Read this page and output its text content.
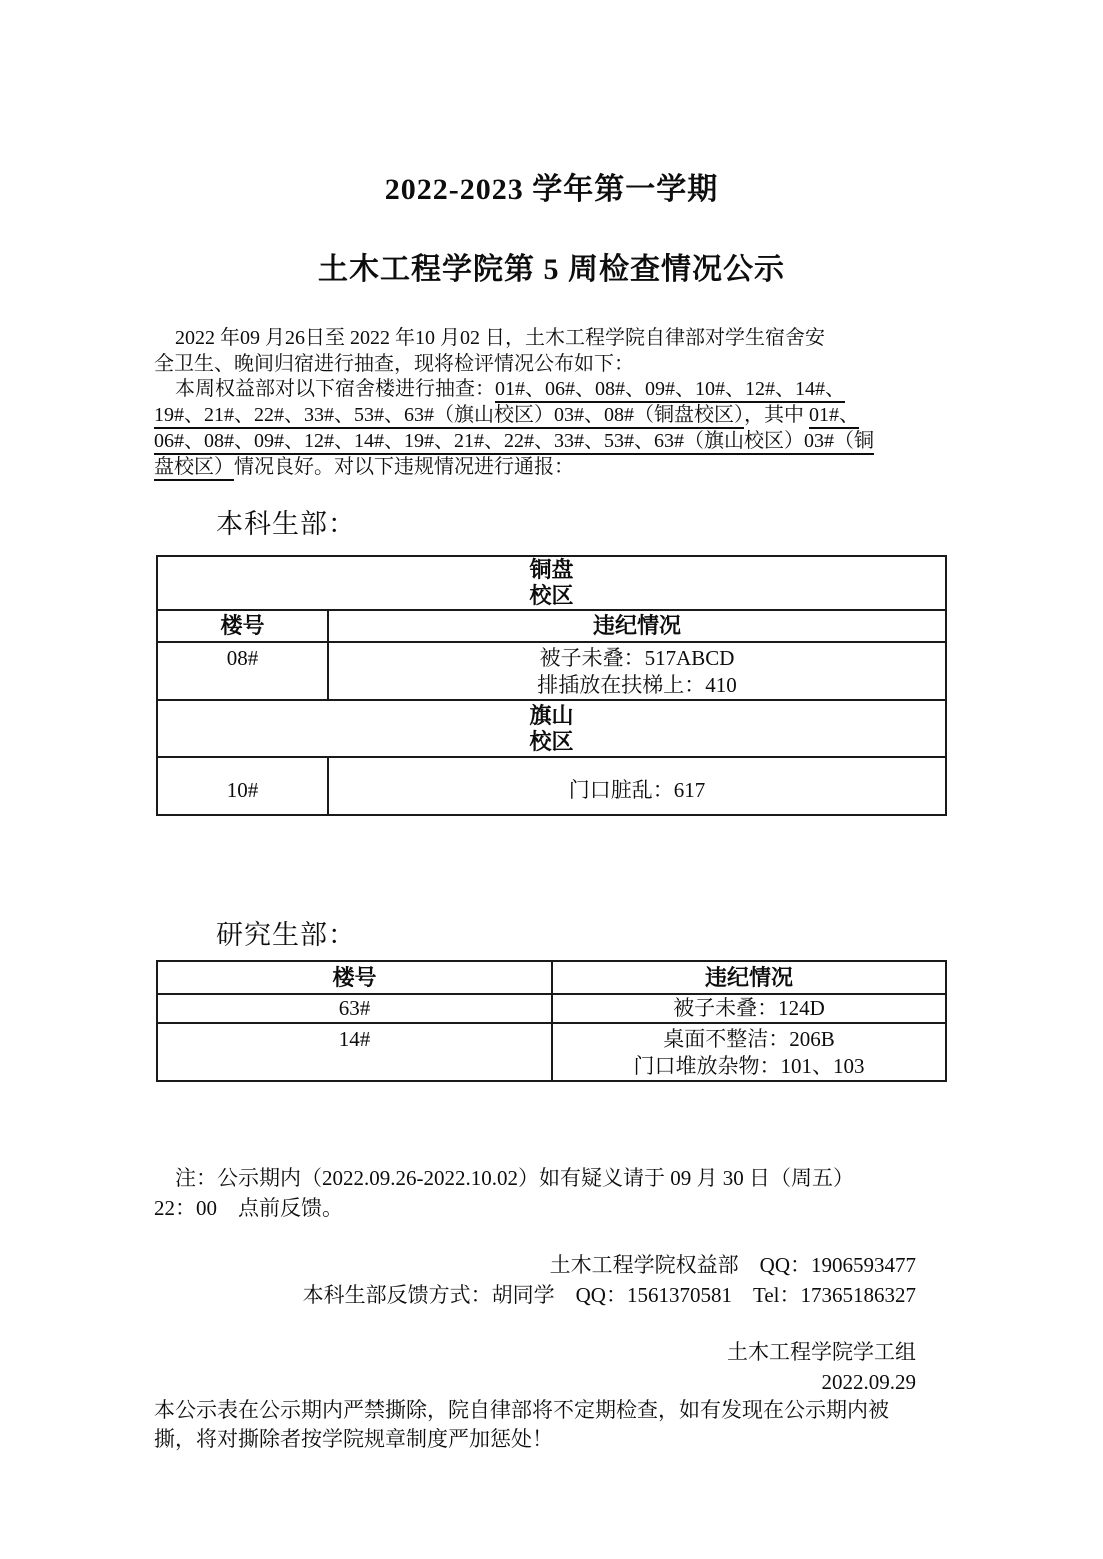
2022-2023 学年第一学期
土木工程学院第 5 周检查情况公示
2022 年09 月26日至 2022 年10 月02 日，土木工程学院自律部对学生宿舍安
全卫生、晚间归宿进行抽查，现将检评情况公布如下：
本周权益部对以下宿舍楼进行抽查：01#、06#、08#、09#、10#、12#、14#、
19#、21#、22#、33#、53#、63#（旗山校区）03#、08#（铜盘校区），其中 01#、
06#、08#、09#、12#、14#、19#、21#、22#、33#、53#、63#（旗山校区）03#（铜
盘校区）情况良好。对以下违规情况进行通报：
本科生部：
铜盘
校区	

楼号	违纪情况
08#	被子未叠：517ABCD
排插放在扶梯上：410

旗山
校区	

10#	门口脏乱：617
研究生部：
楼号	违纪情况
63#	被子未叠：124D
14#	桌面不整洁：206B
门口堆放杂物：101、103
注：公示期内（2022.09.26-2022.10.02）如有疑义请于 09 月 30 日（周五）
22：00　点前反馈。
土木工程学院权益部　QQ：1906593477
本科生部反馈方式：胡同学　QQ：1561370581　Tel：17365186327
土木工程学院学工组
2022.09.29
本公示表在公示期内严禁撕除，院自律部将不定期检查，如有发现在公示期内被
撕，将对撕除者按学院规章制度严加惩处！
